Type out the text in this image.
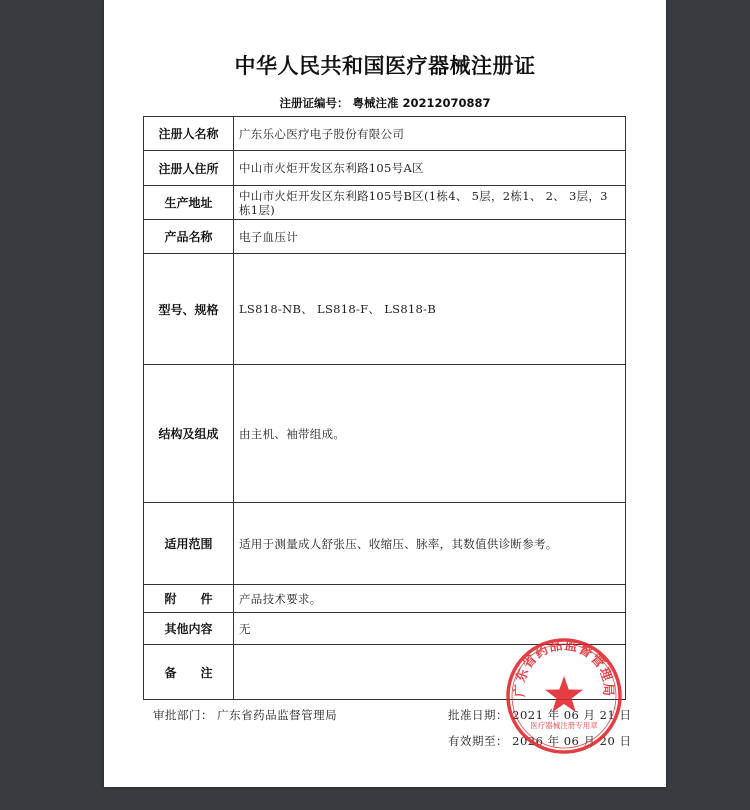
中华人民共和国医疗器械注册证
注册证编号： 粤械注准 20212070887
注册人名称	广东乐心医疗电子股份有限公司
注册人住所	中山市火炬开发区东利路105号A区
生产地址	中山市火炬开发区东利路105号B区(1栋4、 5层，2栋1、 2、 3层，3栋1层)
产品名称	电子血压计
型号、规格	LS818-NB、 LS818-F、 LS818-B
结构及组成	由主机、袖带组成。
适用范围	适用于测量成人舒张压、收缩压、脉率，其数值供诊断参考。
附　　件	产品技术要求。
其他内容	无
备　　注	
审批部门： 广东省药品监督管理局	批准日期： 2021 年 06 月 21 日
有效期至： 2026 年 06 月 20 日
广东省药品监督管理局
医疗器械注册专用章
